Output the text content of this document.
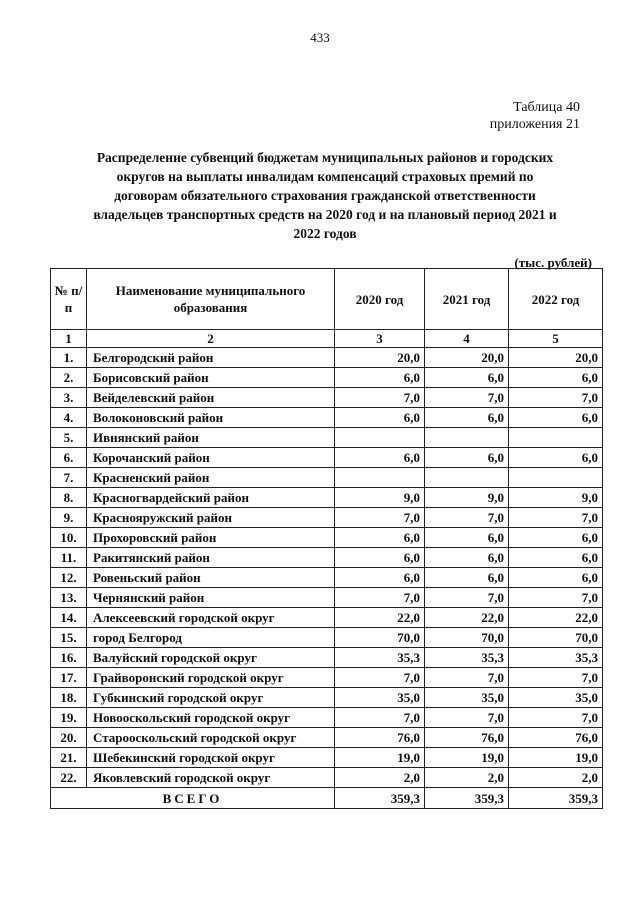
433
Таблица 40
приложения 21
Распределение субвенций бюджетам муниципальных районов и городских округов на выплаты инвалидам компенсаций страховых премий по договорам обязательного страхования гражданской ответственности владельцев транспортных средств на 2020 год и на плановый период 2021 и 2022 годов
(тыс. рублей)
№ п/п	Наименование муниципального образования	2020 год	2021 год	2022 год
1	2	3	4	5
1.	Белгородский район	20,0	20,0	20,0
2.	Борисовский район	6,0	6,0	6,0
3.	Вейделевский район	7,0	7,0	7,0
4.	Волоконовский район	6,0	6,0	6,0
5.	Ивнянский район			
6.	Корочанский район	6,0	6,0	6,0
7.	Красненский район			
8.	Красногвардейский район	9,0	9,0	9,0
9.	Краснояружский район	7,0	7,0	7,0
10.	Прохоровский район	6,0	6,0	6,0
11.	Ракитянский район	6,0	6,0	6,0
12.	Ровеньский район	6,0	6,0	6,0
13.	Чернянский район	7,0	7,0	7,0
14.	Алексеевский городской округ	22,0	22,0	22,0
15.	город Белгород	70,0	70,0	70,0
16.	Валуйский городской округ	35,3	35,3	35,3
17.	Грайворонский городской округ	7,0	7,0	7,0
18.	Губкинский городской округ	35,0	35,0	35,0
19.	Новооскольский городской округ	7,0	7,0	7,0
20.	Старооскольский городской округ	76,0	76,0	76,0
21.	Шебекинский городской округ	19,0	19,0	19,0
22.	Яковлевский городской округ	2,0	2,0	2,0
ВСЕГО		359,3	359,3	359,3
